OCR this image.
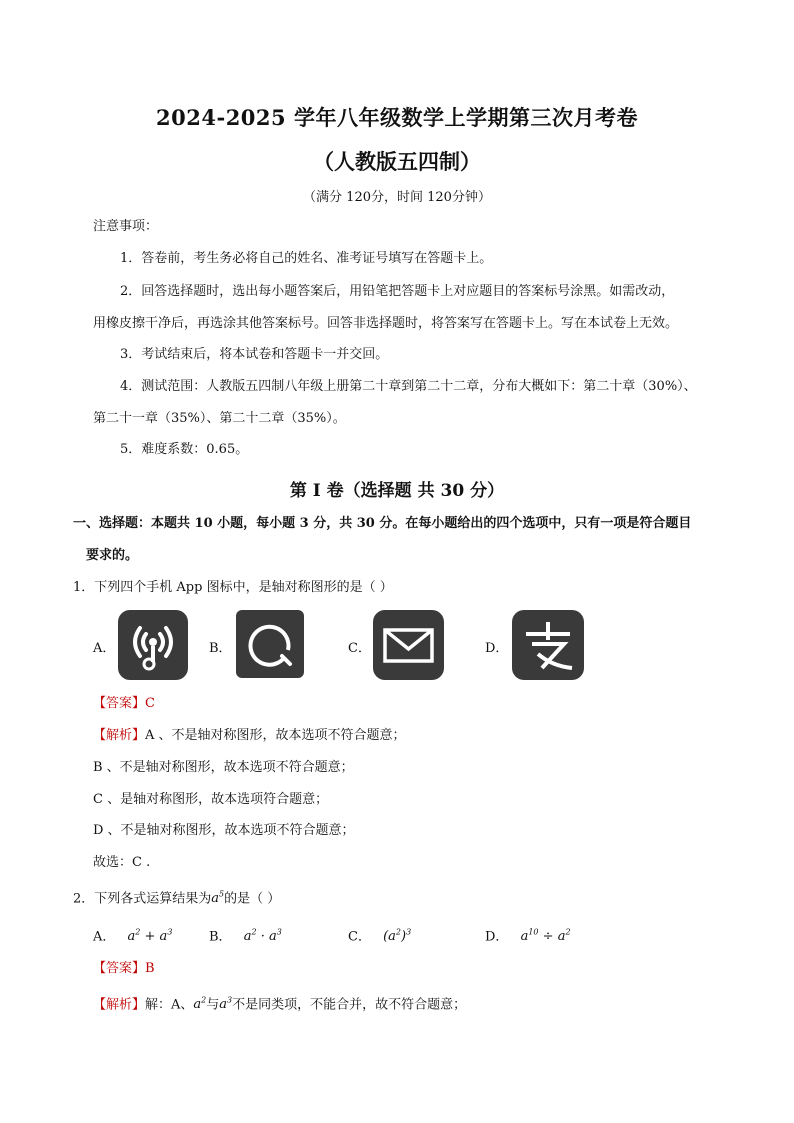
2024-2025 学年八年级数学上学期第三次月考卷
（人教版五四制）
（满分 120分，时间 120分钟）
注意事项：
1．答卷前，考生务必将自己的姓名、准考证号填写在答题卡上。
2．回答选择题时，选出每小题答案后，用铅笔把答题卡上对应题目的答案标号涂黑。如需改动，
用橡皮擦干净后，再选涂其他答案标号。回答非选择题时，将答案写在答题卡上。写在本试卷上无效。
3．考试结束后，将本试卷和答题卡一并交回。
4．测试范围：人教版五四制八年级上册第二十章到第二十二章，分布大概如下：第二十章（30%）、
第二十一章（35%）、第二十二章（35%）。
5．难度系数：0.65。
第 I 卷（选择题 共 30 分）
一、选择题：本题共 10 小题，每小题 3 分，共 30 分。在每小题给出的四个选项中，只有一项是符合题目
要求的。
1．下列四个手机 App 图标中，是轴对称图形的是（ ）
A．	B．	C．	D．
【答案】C
【解析】A 、不是轴对称图形，故本选项不符合题意；
B 、不是轴对称图形，故本选项不符合题意；
C 、是轴对称图形，故本选项符合题意；
D 、不是轴对称图形，故本选项不符合题意；
故选：C .
2．下列各式运算结果为$a^5$的是（ ）
A． $a^2 + a^3$	B． $a^2 \cdot a^3$	C． $(a^2)^3$	D． $a^{10} \div a^2$
【答案】B
【解析】解：A、$a^2$与$a^3$不是同类项，不能合并，故不符合题意；
